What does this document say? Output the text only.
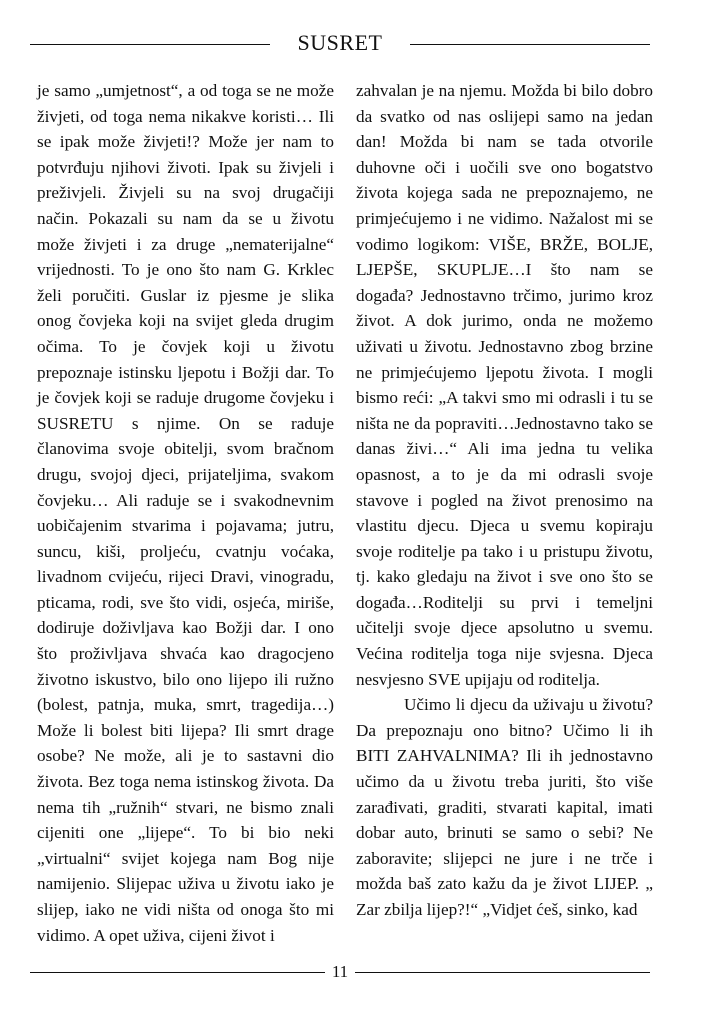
SUSRET

je samo „umjetnost“, a od toga se ne može živjeti, od toga nema nikakve koristi… Ili se ipak može živjeti!? Može jer nam to potvrđuju njihovi životi. Ipak su živjeli i preživjeli. Živjeli su na svoj drugačiji način. Pokazali su nam da se u životu može živjeti i za druge „nematerijalne“ vrijednosti. To je ono što nam G. Krklec želi poručiti. Guslar iz pjesme je slika onog čovjeka koji na svijet gleda drugim očima. To je čovjek koji u životu prepoznaje istinsku ljepotu i Božji dar. To je čovjek koji se raduje drugome čovjeku i SUSRETU s njime. On se raduje članovima svoje obitelji, svom bračnom drugu, svojoj djeci, prijateljima, svakom čovjeku… Ali raduje se i svakodnevnim uobičajenim stvarima i pojavama; jutru, suncu, kiši, proljeću, cvatnju voćaka, livadnom cvijeću, rijeci Dravi, vinogradu, pticama, rodi, sve što vidi, osjeća, miriše, dodiruje doživljava kao Božji dar. I ono što proživljava shvaća kao dragocjeno životno iskustvo, bilo ono lijepo ili ružno (bolest, patnja, muka, smrt, tragedija…) Može li bolest biti lijepa? Ili smrt drage osobe? Ne može, ali je to sastavni dio života. Bez toga nema istinskog života. Da nema tih „ružnih“ stvari, ne bismo znali cijeniti one „lijepe“. To bi bio neki „virtualni“ svijet kojega nam Bog nije namijenio. Slijepac uživa u životu iako je slijep, iako ne vidi ništa od onoga što mi vidimo. A opet uživa, cijeni život i

zahvalan je na njemu. Možda bi bilo dobro da svatko od nas oslijepi samo na jedan dan! Možda bi nam se tada otvorile duhovne oči i uočili sve ono bogatstvo života kojega sada ne prepoznajemo, ne primjećujemo i ne vidimo. Nažalost mi se vodimo logikom: VIŠE, BRŽE, BOLJE, LJEPŠE, SKUPLJE…I što nam se događa? Jednostavno trčimo, jurimo kroz život. A dok jurimo, onda ne možemo uživati u životu. Jednostavno zbog brzine ne primjećujemo ljepotu života. I mogli bismo reći: „A takvi smo mi odrasli i tu se ništa ne da popraviti…Jednostavno tako se danas živi…“ Ali ima jedna tu velika opasnost, a to je da mi odrasli svoje stavove i pogled na život prenosimo na vlastitu djecu. Djeca u svemu kopiraju svoje roditelje pa tako i u pristupu životu, tj. kako gledaju na život i sve ono što se događa…Roditelji su prvi i temeljni učitelji svoje djece apsolutno u svemu. Većina roditelja toga nije svjesna. Djeca nesvjesno SVE upijaju od roditelja.

Učimo li djecu da uživaju u životu? Da prepoznaju ono bitno? Učimo li ih BITI ZAHVALNIMA? Ili ih jednostavno učimo da u životu treba juriti, što više zarađivati, graditi, stvarati kapital, imati dobar auto, brinuti se samo o sebi? Ne zaboravite; slijepci ne jure i ne trče i možda baš zato kažu da je život LIJEP. „ Zar zbilja lijep?!“ „Vidjet ćeš, sinko, kad

11
